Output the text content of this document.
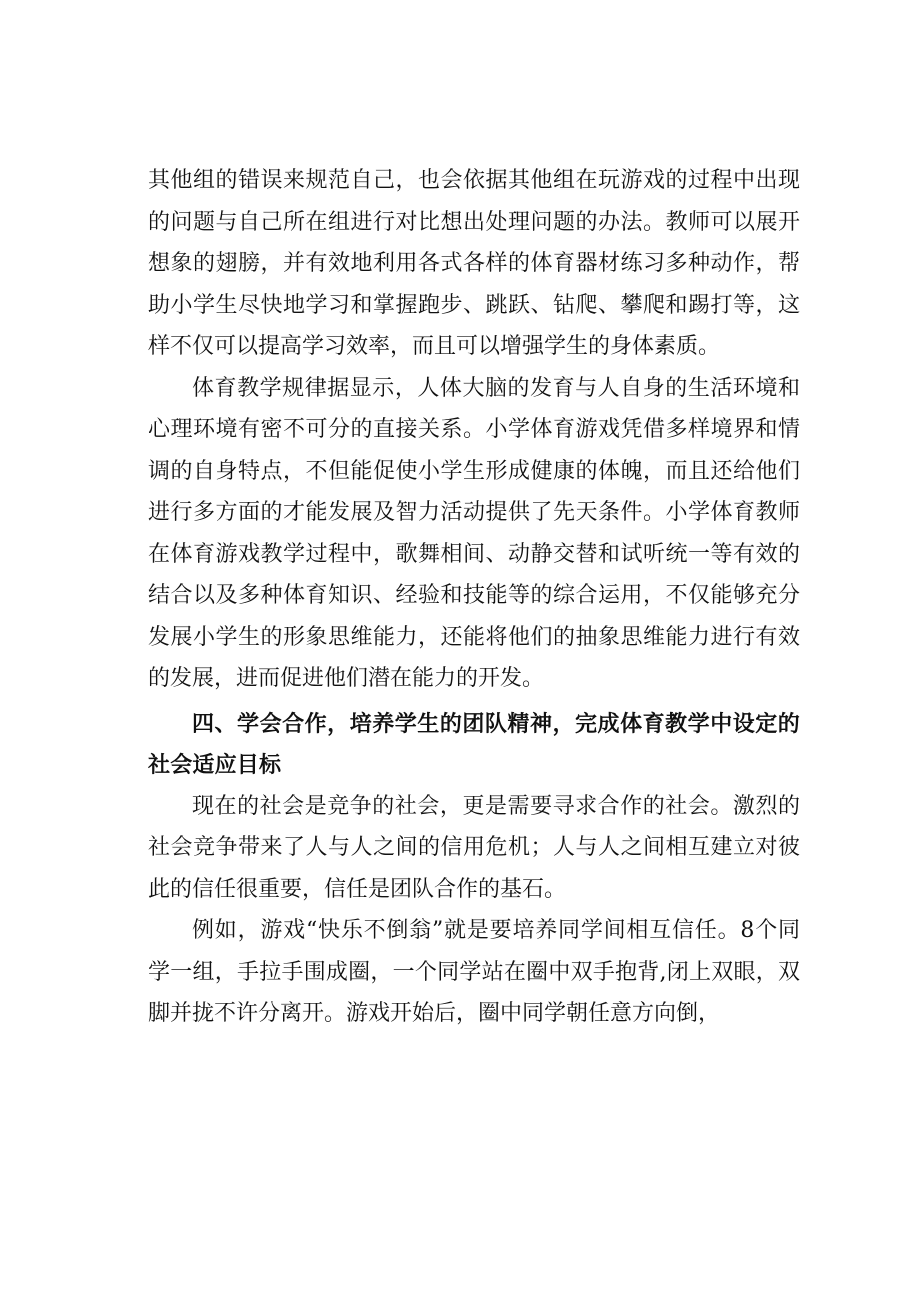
其他组的错误来规范自己，也会依据其他组在玩游戏的过程中出现的问题与自己所在组进行对比想出处理问题的办法。教师可以展开想象的翅膀，并有效地利用各式各样的体育器材练习多种动作，帮助小学生尽快地学习和掌握跑步、跳跃、钻爬、攀爬和踢打等，这样不仅可以提高学习效率，而且可以增强学生的身体素质。

体育教学规律据显示，人体大脑的发育与人自身的生活环境和心理环境有密不可分的直接关系。小学体育游戏凭借多样境界和情调的自身特点，不但能促使小学生形成健康的体魄，而且还给他们进行多方面的才能发展及智力活动提供了先天条件。小学体育教师在体育游戏教学过程中，歌舞相间、动静交替和试听统一等有效的结合以及多种体育知识、经验和技能等的综合运用，不仅能够充分发展小学生的形象思维能力，还能将他们的抽象思维能力进行有效的发展，进而促进他们潜在能力的开发。

四、学会合作，培养学生的团队精神，完成体育教学中设定的社会适应目标

现在的社会是竞争的社会，更是需要寻求合作的社会。激烈的社会竞争带来了人与人之间的信用危机；人与人之间相互建立对彼此的信任很重要，信任是团队合作的基石。

例如，游戏“快乐不倒翁”就是要培养同学间相互信任。8个同学一组，手拉手围成圈，一个同学站在圈中双手抱背,闭上双眼，双脚并拢不许分离开。游戏开始后，圈中同学朝任意方向倒，
